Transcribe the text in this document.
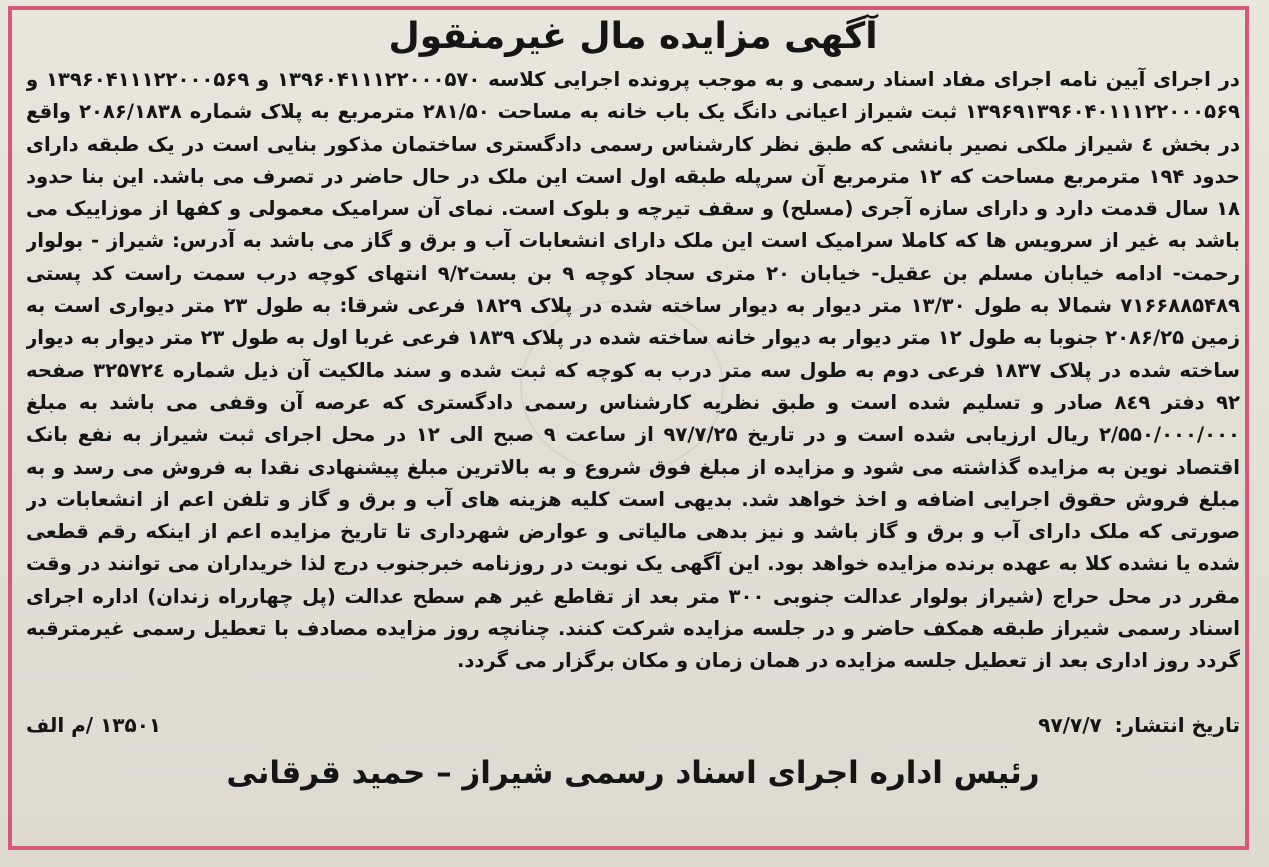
آگهی مزایده مال غیرمنقول
در اجرای آیین نامه اجرای مفاد اسناد رسمی و به موجب پرونده اجرایی کلاسه ۱۳۹۶۰۴۱۱۱۲۲۰۰۰۵۷۰ و ۱۳۹۶۰۴۱۱۱۲۲۰۰۰۵۶۹ و ۱۳۹۶۹۱۳۹۶۰۴۰۱۱۱۲۲۰۰۰۵۶۹ ثبت شیراز اعیانی دانگ یک باب خانه به مساحت ۲۸۱/۵۰ مترمربع به پلاک شماره ۲۰۸۶/۱۸۳۸ واقع در بخش ٤ شیراز ملکی نصیر بانشی که طبق نظر کارشناس رسمی دادگستری ساختمان مذکور بنایی است در یک طبقه دارای حدود ۱۹۴ مترمربع مساحت که ۱۲ مترمربع آن سرپله طبقه اول است این ملک در حال حاضر در تصرف می باشد. این بنا حدود ۱۸ سال قدمت دارد و دارای سازه آجری (مسلح) و سقف تیرچه و بلوک است. نمای آن سرامیک معمولی و کفها از موزاییک می باشد به غیر از سرویس ها که کاملا سرامیک است این ملک دارای انشعابات آب و برق و گاز می باشد به آدرس: شیراز - بولوار رحمت- ادامه خیابان مسلم بن عقیل- خیابان ۲۰ متری سجاد کوچه ۹ بن بست۹/۲ انتهای کوچه درب سمت راست کد پستی ۷۱۶۶۸۸۵۴۸۹ شمالا به طول ۱۳/۳۰ متر دیوار به دیوار ساخته شده در پلاک ۱۸۲۹ فرعی شرقا: به طول ۲۳ متر دیواری است به زمین ۲۰۸۶/۲۵ جنوبا به طول ۱۲ متر دیوار به دیوار خانه ساخته شده در پلاک ۱۸۳۹ فرعی غربا اول به طول ۲۳ متر دیوار به دیوار ساخته شده در پلاک ۱۸۳۷ فرعی دوم به طول سه متر درب به کوچه که ثبت شده و سند مالکیت آن ذیل شماره ۳۲۵۷۲٤ صفحه ۹۲ دفتر ۸٤۹ صادر و تسلیم شده است و طبق نظریه کارشناس رسمی دادگستری که عرصه آن وقفی می باشد به مبلغ ۲/۵۵۰/۰۰۰/۰۰۰ ریال ارزیابی شده است و در تاریخ ۹۷/۷/۲۵ از ساعت ۹ صبح الی ۱۲ در محل اجرای ثبت شیراز به نفع بانک اقتصاد نوین به مزایده گذاشته می شود و مزایده از مبلغ فوق شروع و به بالاترین مبلغ پیشنهادی نقدا به فروش می رسد و به مبلغ فروش حقوق اجرایی اضافه و اخذ خواهد شد. بدیهی است کلیه هزینه های آب و برق و گاز و تلفن اعم از انشعابات در صورتی که ملک دارای آب و برق و گاز باشد و نیز بدهی مالیاتی و عوارض شهرداری تا تاریخ مزایده اعم از اینکه رقم قطعی شده یا نشده کلا به عهده برنده مزایده خواهد بود. این آگهی یک نوبت در روزنامه خبرجنوب درج لذا خریداران می توانند در وقت مقرر در محل حراج (شیراز بولوار عدالت جنوبی ۳۰۰ متر بعد از تقاطع غیر هم سطح عدالت (پل چهارراه زندان) اداره اجرای اسناد رسمی شیراز طبقه همکف حاضر و در جلسه مزایده شرکت کنند. چنانچه روز مزایده مصادف با تعطیل رسمی غیرمترقبه گردد روز اداری بعد از تعطیل جلسه مزایده در همان زمان و مکان برگزار می گردد.
تاریخ انتشار: ۹۷/۷/۷
۱۳۵۰۱ /م الف
رئیس اداره اجرای اسناد رسمی شیراز – حمید قرقانی
